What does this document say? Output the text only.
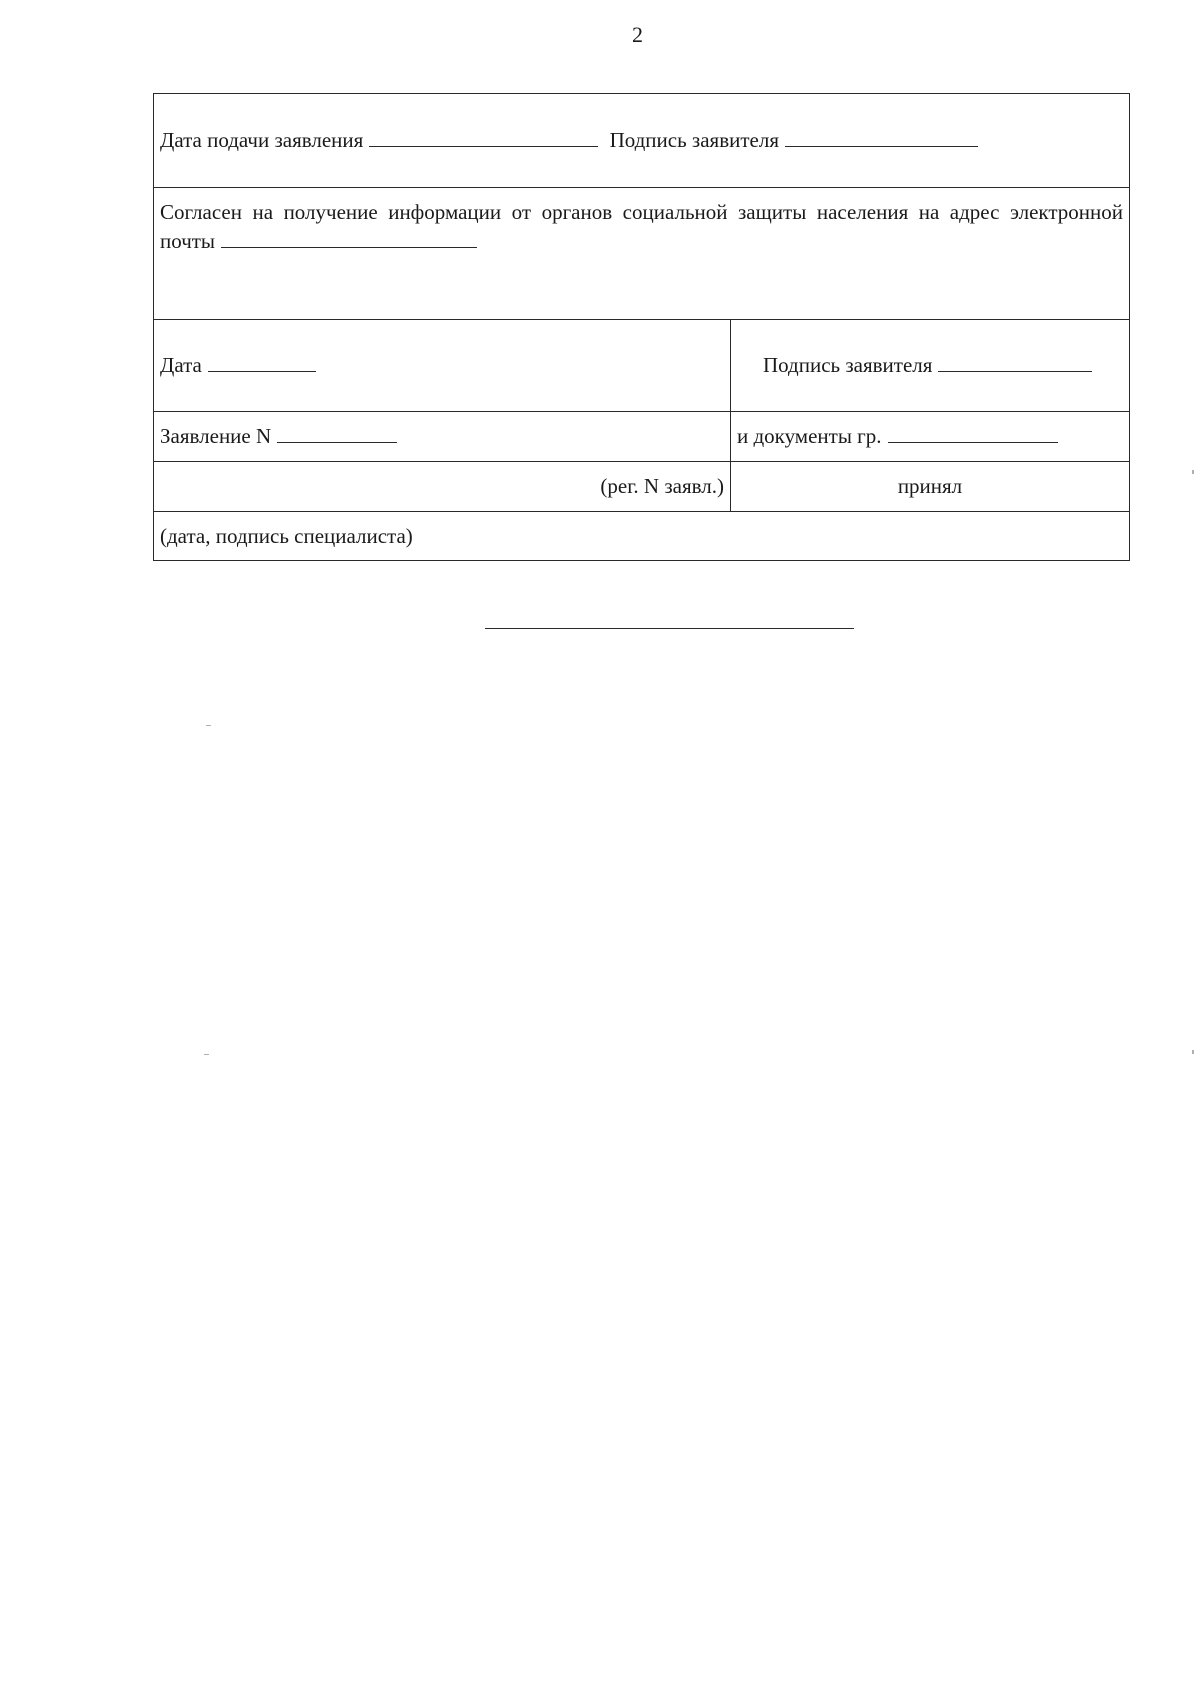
2
Дата подачи заявления Подпись заявителя	
Согласен на получение информации от органов социальной защиты населения на адрес электронной почты	
Дата	Подпись заявителя
Заявление N	и документы гр.
(рег. N заявл.)	принял
(дата, подпись специалиста)	
